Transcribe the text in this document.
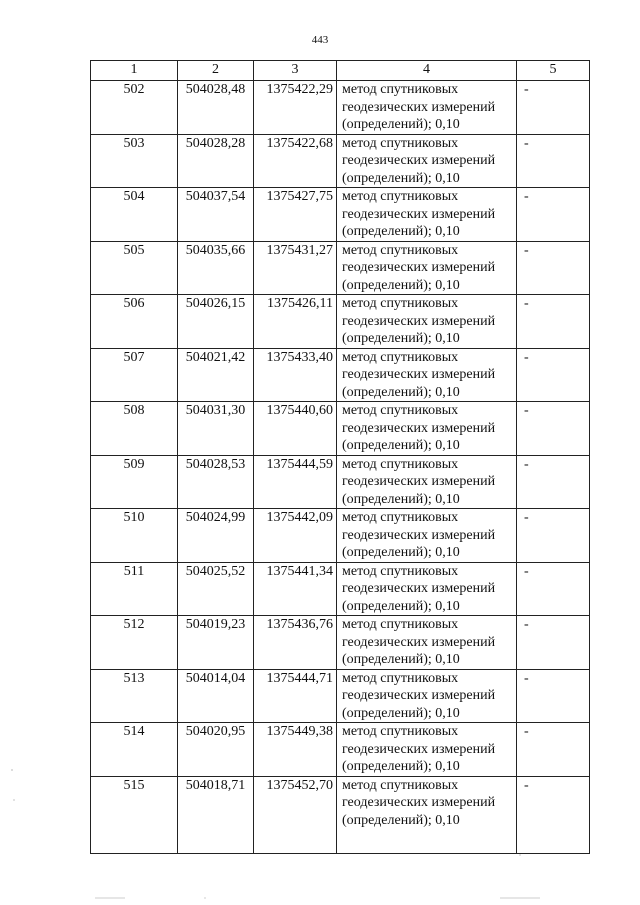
443
1	2	3	4	5
502	504028,48	1375422,29	метод спутниковых
геодезических измерений
(определений); 0,10	-
503	504028,28	1375422,68	метод спутниковых
геодезических измерений
(определений); 0,10	-
504	504037,54	1375427,75	метод спутниковых
геодезических измерений
(определений); 0,10	-
505	504035,66	1375431,27	метод спутниковых
геодезических измерений
(определений); 0,10	-
506	504026,15	1375426,11	метод спутниковых
геодезических измерений
(определений); 0,10	-
507	504021,42	1375433,40	метод спутниковых
геодезических измерений
(определений); 0,10	-
508	504031,30	1375440,60	метод спутниковых
геодезических измерений
(определений); 0,10	-
509	504028,53	1375444,59	метод спутниковых
геодезических измерений
(определений); 0,10	-
510	504024,99	1375442,09	метод спутниковых
геодезических измерений
(определений); 0,10	-
511	504025,52	1375441,34	метод спутниковых
геодезических измерений
(определений); 0,10	-
512	504019,23	1375436,76	метод спутниковых
геодезических измерений
(определений); 0,10	-
513	504014,04	1375444,71	метод спутниковых
геодезических измерений
(определений); 0,10	-
514	504020,95	1375449,38	метод спутниковых
геодезических измерений
(определений); 0,10	-
515	504018,71	1375452,70	метод спутниковых
геодезических измерений
(определений); 0,10	-
